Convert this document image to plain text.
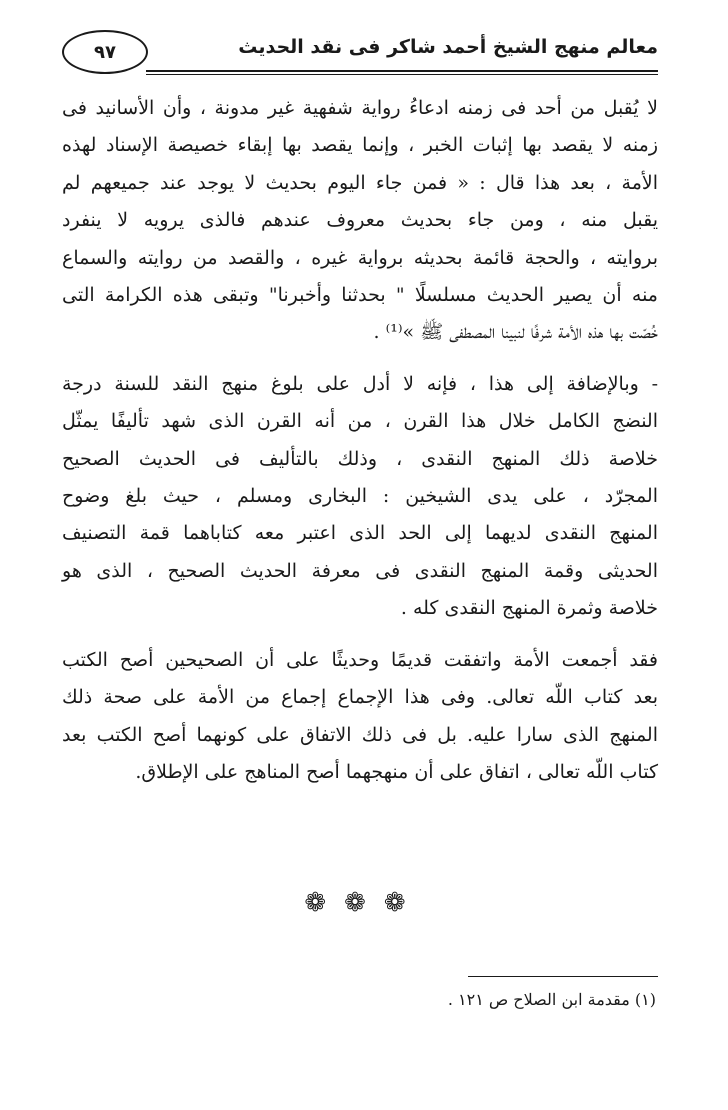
٩٧	معالم منهج الشيخ أحمد شاكر فى نقد الحديث

لا يُقبل من أحد فى زمنه ادعاءُ رواية شفهية غير مدونة ، وأن الأسانيد فى
زمنه لا يقصد بها إثبات الخبر ، وإنما يقصد بها إبقاء خصيصة الإسناد لهذه
الأمة ، بعد هذا قال : « فمن جاء اليوم بحديث لا يوجد عند جميعهم لم
يقبل منه ، ومن جاء بحديث معروف عندهم فالذى يرويه لا ينفرد
بروايته ، والحجة قائمة بحديثه برواية غيره ، والقصد من روايته والسماع
منه أن يصير الحديث مسلسلًا " بحدثنا وأخبرنا" وتبقى هذه الكرامة التى
خُصّت بها هذه الأمة شرفًا لنبينا المصطفى ﷺ »⁽¹⁾ .

- وبالإضافة إلى هذا ، فإنه لا أدل على بلوغ منهج النقد للسنة درجة
النضج الكامل خلال هذا القرن ، من أنه القرن الذى شهد تأليفًا يمثّل
خلاصة ذلك المنهج النقدى ، وذلك بالتأليف فى الحديث الصحيح
المجرّد ، على يدى الشيخين : البخارى ومسلم ، حيث بلغ وضوح
المنهج النقدى لديهما إلى الحد الذى اعتبر معه كتاباهما قمة التصنيف
الحديثى وقمة المنهج النقدى فى معرفة الحديث الصحيح ، الذى هو
خلاصة وثمرة المنهج النقدى كله .

فقد أجمعت الأمة واتفقت قديمًا وحديثًا على أن الصحيحين أصح الكتب
بعد كتاب اللّه تعالى. وفى هذا الإجماع إجماع من الأمة على صحة ذلك
المنهج الذى سارا عليه. بل فى ذلك الاتفاق على كونهما أصح الكتب بعد
كتاب اللّه تعالى ، اتفاق على أن منهجهما أصح المناهج على الإطلاق.

❁❁❁
(١) مقدمة ابن الصلاح ص ١٢١ .
